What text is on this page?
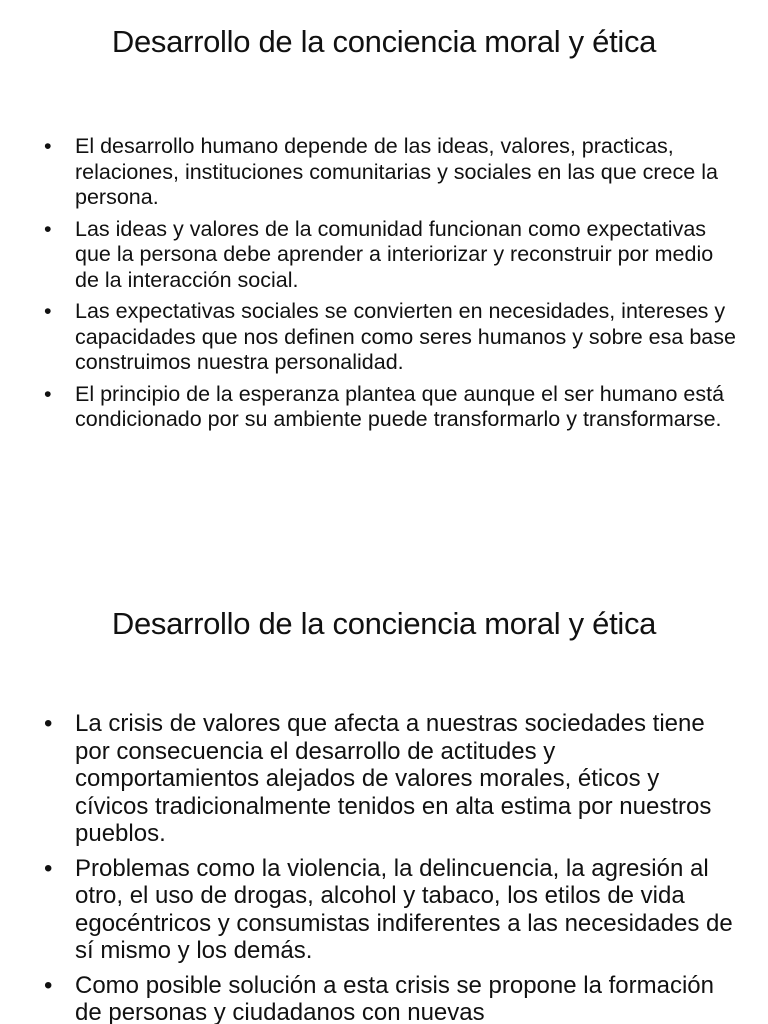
Desarrollo de la conciencia moral y ética
• El desarrollo humano depende de las ideas, valores, practicas, relaciones, instituciones comunitarias y sociales en las que crece la persona.
• Las ideas y valores de la comunidad funcionan como expectativas que la persona debe aprender a interiorizar y reconstruir por medio de la interacción social.
• Las expectativas sociales se convierten en necesidades, intereses y capacidades que nos definen como seres humanos y sobre esa base construimos nuestra personalidad.
• El principio de la esperanza plantea que aunque el ser humano está condicionado por su ambiente puede transformarlo y transformarse.
Desarrollo de la conciencia moral y ética
• La crisis de valores que afecta a nuestras sociedades tiene por consecuencia el desarrollo de actitudes y comportamientos alejados de valores morales, éticos y cívicos tradicionalmente tenidos en alta estima por nuestros pueblos.
• Problemas como la violencia, la delincuencia, la agresión al otro, el uso de drogas, alcohol y tabaco, los etilos de vida egocéntricos y consumistas indiferentes a las necesidades de sí mismo y los demás.
• Como posible solución a esta crisis se propone la formación de personas y ciudadanos con nuevas
